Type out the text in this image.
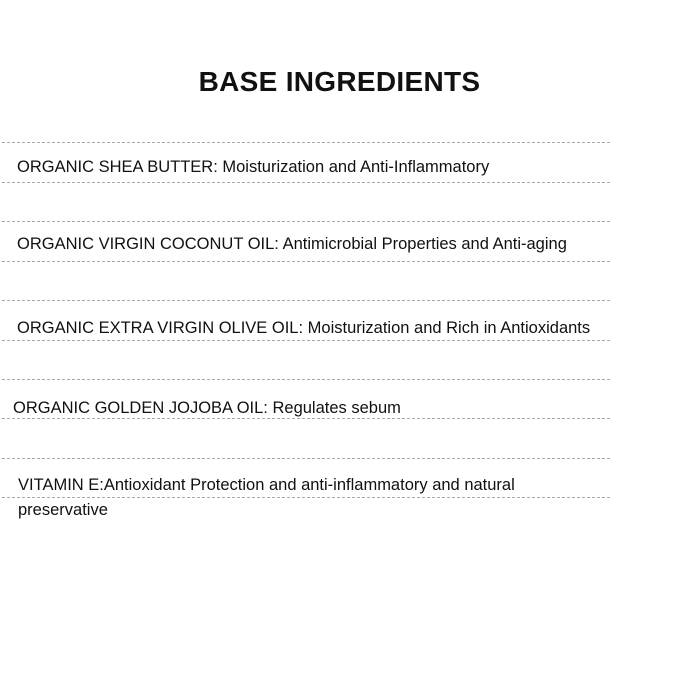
BASE INGREDIENTS

ORGANIC SHEA BUTTER: Moisturization and Anti-Inflammatory

ORGANIC VIRGIN COCONUT OIL: Antimicrobial Properties and Anti-aging

ORGANIC EXTRA VIRGIN OLIVE OIL: Moisturization and Rich in Antioxidants

ORGANIC GOLDEN JOJOBA OIL: Regulates sebum

VITAMIN E:Antioxidant Protection and anti-inflammatory and natural preservative
